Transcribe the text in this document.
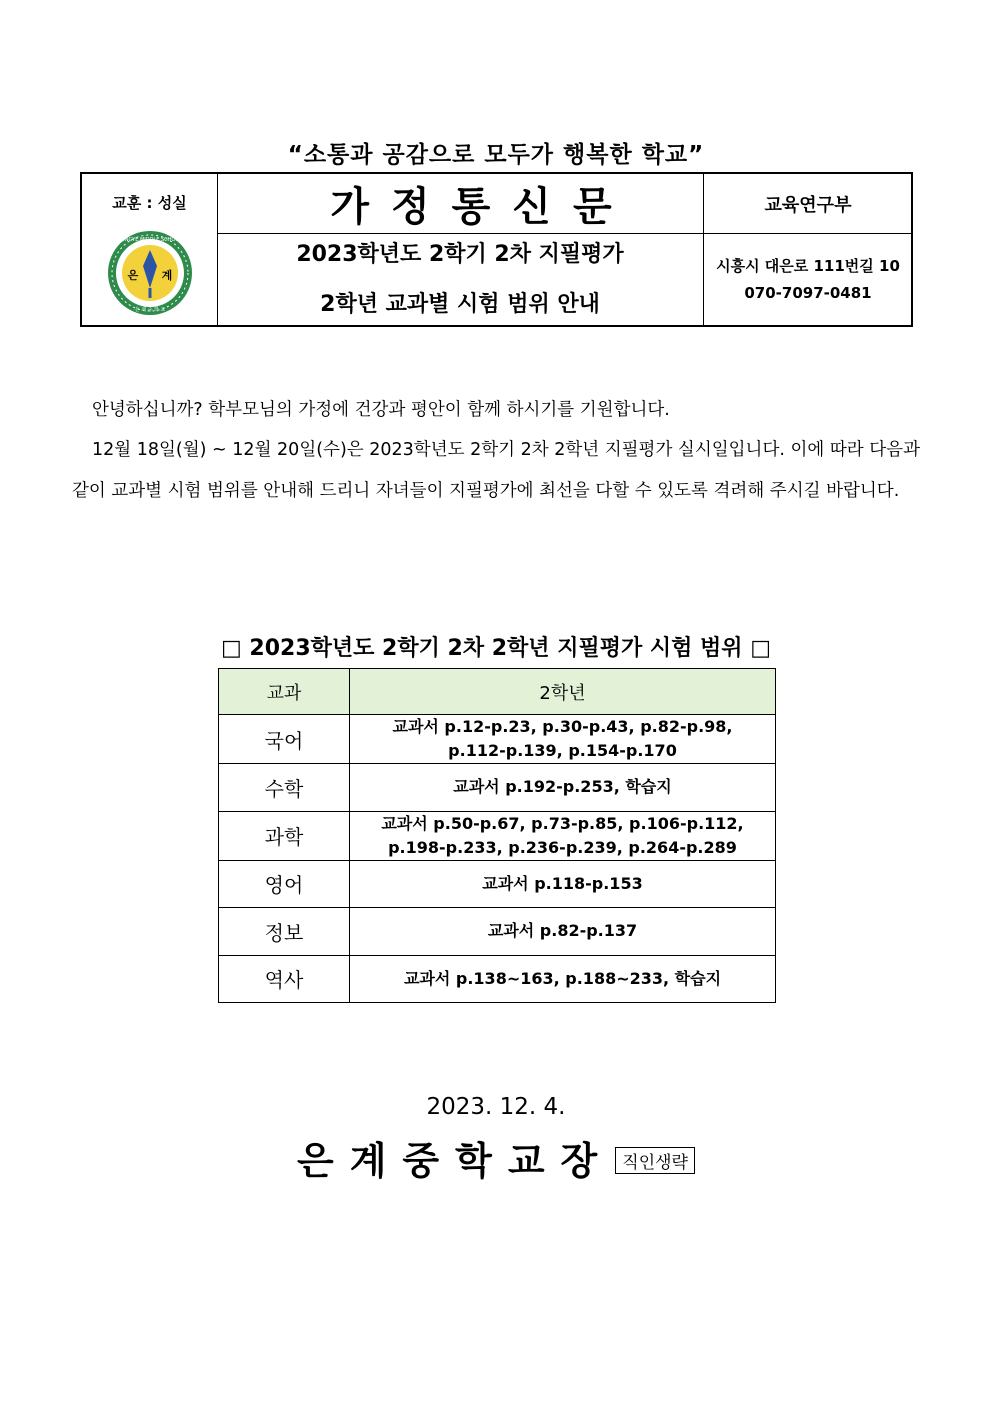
“소통과 공감으로 모두가 행복한 학교”
교훈 : 성실
은 계
EUNGYE MIDDLE SCHOOL
은 계 중 학 교
가정통신문
2023학년도 2학기 2차 지필평가
2학년 교과별 시험 범위 안내
교육연구부
시흥시 대은로 111번길 10
070-7097-0481
안녕하십니까? 학부모님의 가정에 건강과 평안이 함께 하시기를 기원합니다.
12월 18일(월) ~ 12월 20일(수)은 2023학년도 2학기 2차 2학년 지필평가 실시일입니다. 이에 따라 다음과 같이 교과별 시험 범위를 안내해 드리니 자녀들이 지필평가에 최선을 다할 수 있도록 격려해 주시길 바랍니다.
□ 2023학년도 2학기 2차 2학년 지필평가 시험 범위 □
교과	2학년
국어	교과서 p.12-p.23, p.30-p.43, p.82-p.98,
p.112-p.139, p.154-p.170

수학	교과서 p.192-p.253, 학습지

과학	교과서 p.50-p.67, p.73-p.85, p.106-p.112,
p.198-p.233, p.236-p.239, p.264-p.289

영어	교과서 p.118-p.153

정보	교과서 p.82-p.137

역사	교과서 p.138~163, p.188~233, 학습지
2023. 12. 4.
은계중학교장 직인생략
